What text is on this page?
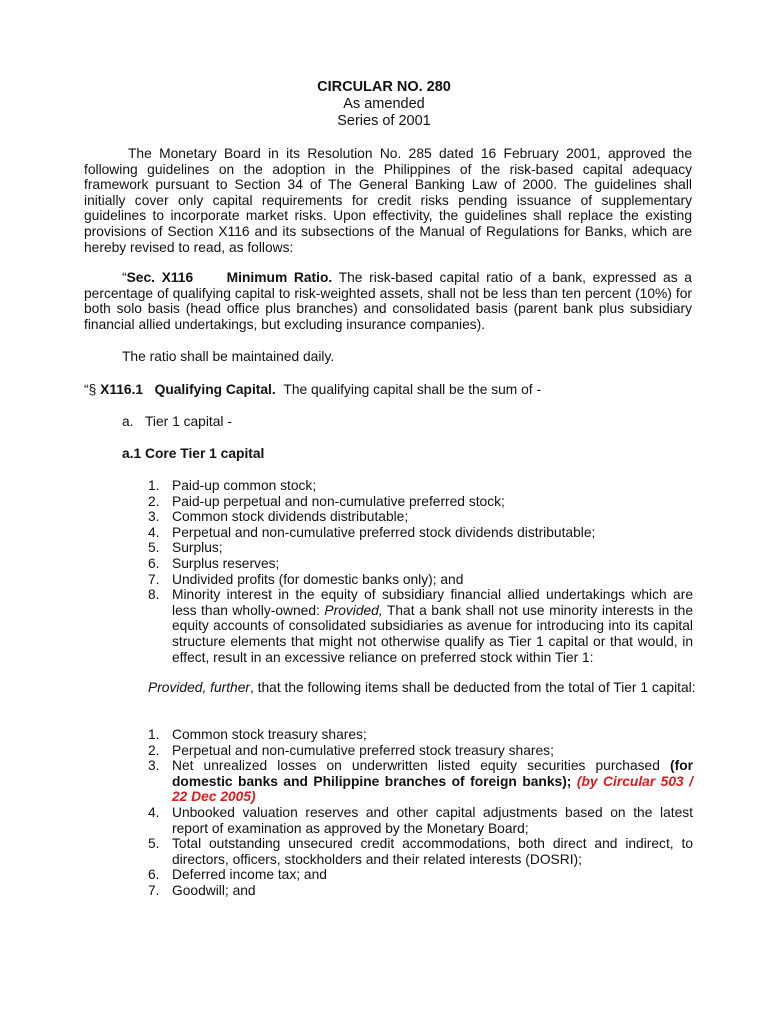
CIRCULAR NO. 280
As amended
Series of 2001
The Monetary Board in its Resolution No. 285 dated 16 February 2001, approved the following guidelines on the adoption in the Philippines of the risk-based capital adequacy framework pursuant to Section 34 of The General Banking Law of 2000. The guidelines shall initially cover only capital requirements for credit risks pending issuance of supplementary guidelines to incorporate market risks. Upon effectivity, the guidelines shall replace the existing provisions of Section X116 and its subsections of the Manual of Regulations for Banks, which are hereby revised to read, as follows:
“Sec. X116 Minimum Ratio. The risk-based capital ratio of a bank, expressed as a percentage of qualifying capital to risk-weighted assets, shall not be less than ten percent (10%) for both solo basis (head office plus branches) and consolidated basis (parent bank plus subsidiary financial allied undertakings, but excluding insurance companies).
The ratio shall be maintained daily.
“§ X116.1 Qualifying Capital. The qualifying capital shall be the sum of -
a. Tier 1 capital -
a.1 Core Tier 1 capital
1. Paid-up common stock;
2. Paid-up perpetual and non-cumulative preferred stock;
3. Common stock dividends distributable;
4. Perpetual and non-cumulative preferred stock dividends distributable;
5. Surplus;
6. Surplus reserves;
7. Undivided profits (for domestic banks only); and
8. Minority interest in the equity of subsidiary financial allied undertakings which are less than wholly-owned: Provided, That a bank shall not use minority interests in the equity accounts of consolidated subsidiaries as avenue for introducing into its capital structure elements that might not otherwise qualify as Tier 1 capital or that would, in effect, result in an excessive reliance on preferred stock within Tier 1:
Provided, further, that the following items shall be deducted from the total of Tier 1 capital:
1. Common stock treasury shares;
2. Perpetual and non-cumulative preferred stock treasury shares;
3. Net unrealized losses on underwritten listed equity securities purchased (for domestic banks and Philippine branches of foreign banks); (by Circular 503 / 22 Dec 2005)
4. Unbooked valuation reserves and other capital adjustments based on the latest report of examination as approved by the Monetary Board;
5. Total outstanding unsecured credit accommodations, both direct and indirect, to directors, officers, stockholders and their related interests (DOSRI);
6. Deferred income tax; and
7. Goodwill; and
